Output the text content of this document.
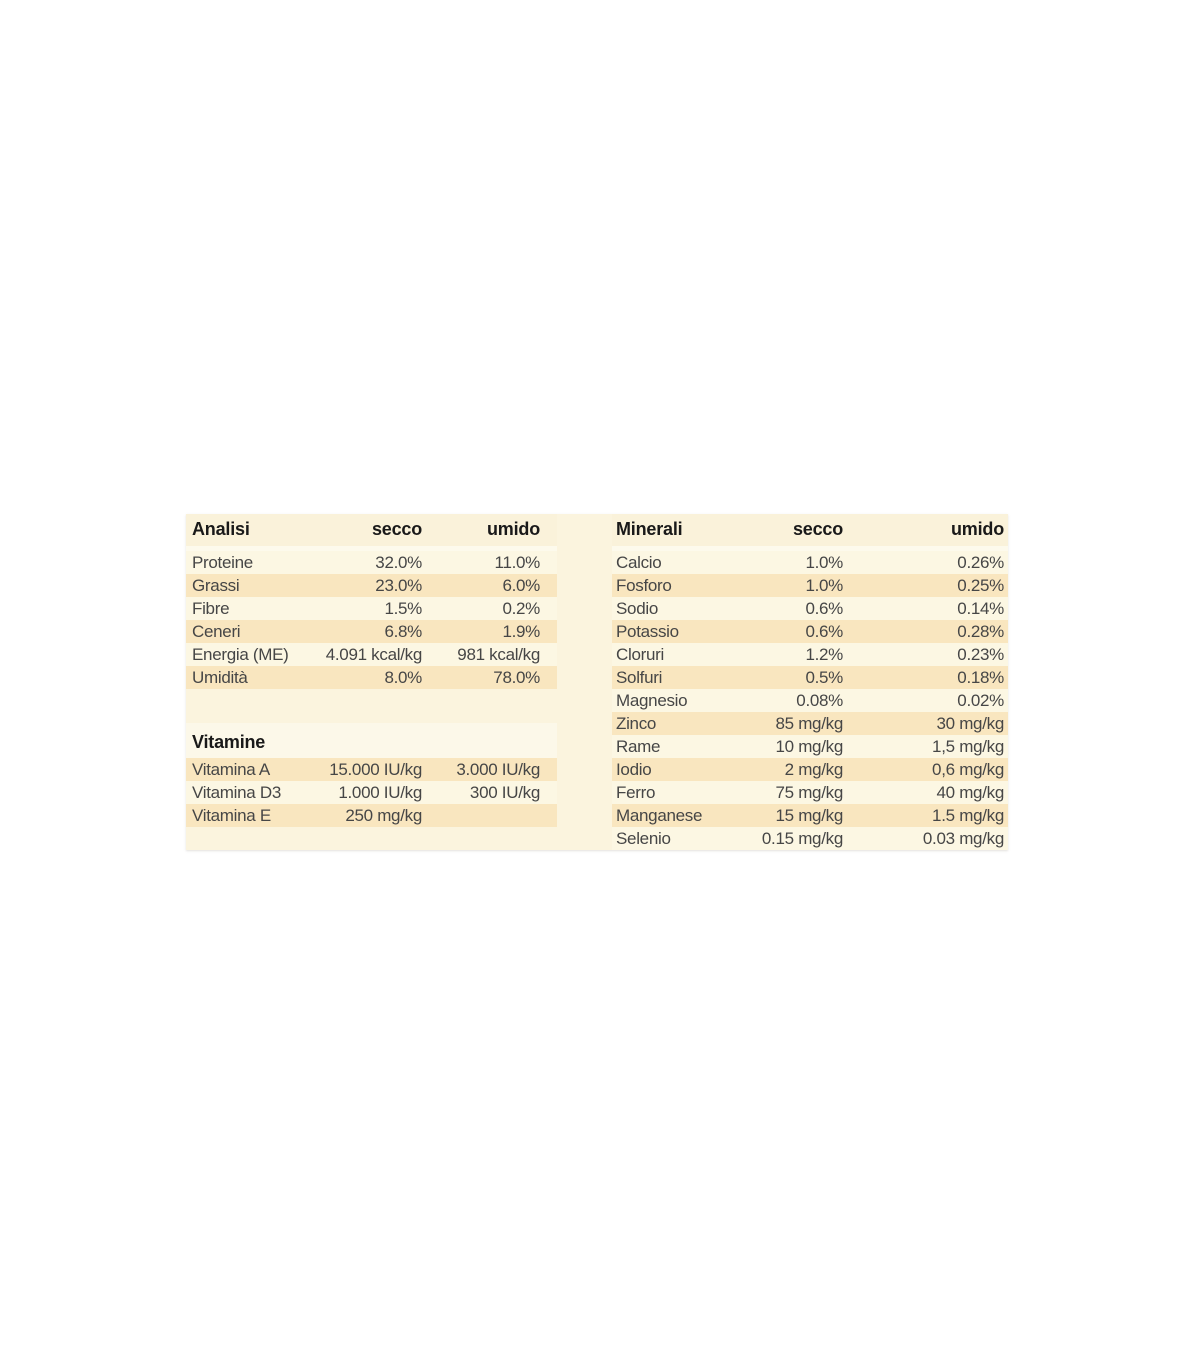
Analisi	secco	umido
Proteine	32.0%	11.0%
Grassi	23.0%	6.0%
Fibre	1.5%	0.2%
Ceneri	6.8%	1.9%
Energia (ME)	4.091 kcal/kg	981 kcal/kg
Umidità	8.0%	78.0%
Vitamine
Vitamina A	15.000 IU/kg	3.000 IU/kg
Vitamina D3	1.000 IU/kg	300 IU/kg
Vitamina E	250 mg/kg
Minerali	secco	umido
Calcio	1.0%	0.26%
Fosforo	1.0%	0.25%
Sodio	0.6%	0.14%
Potassio	0.6%	0.28%
Cloruri	1.2%	0.23%
Solfuri	0.5%	0.18%
Magnesio	0.08%	0.02%
Zinco	85 mg/kg	30 mg/kg
Rame	10 mg/kg	1,5 mg/kg
Iodio	2 mg/kg	0,6 mg/kg
Ferro	75 mg/kg	40 mg/kg
Manganese	15 mg/kg	1.5 mg/kg
Selenio	0.15 mg/kg	0.03 mg/kg
